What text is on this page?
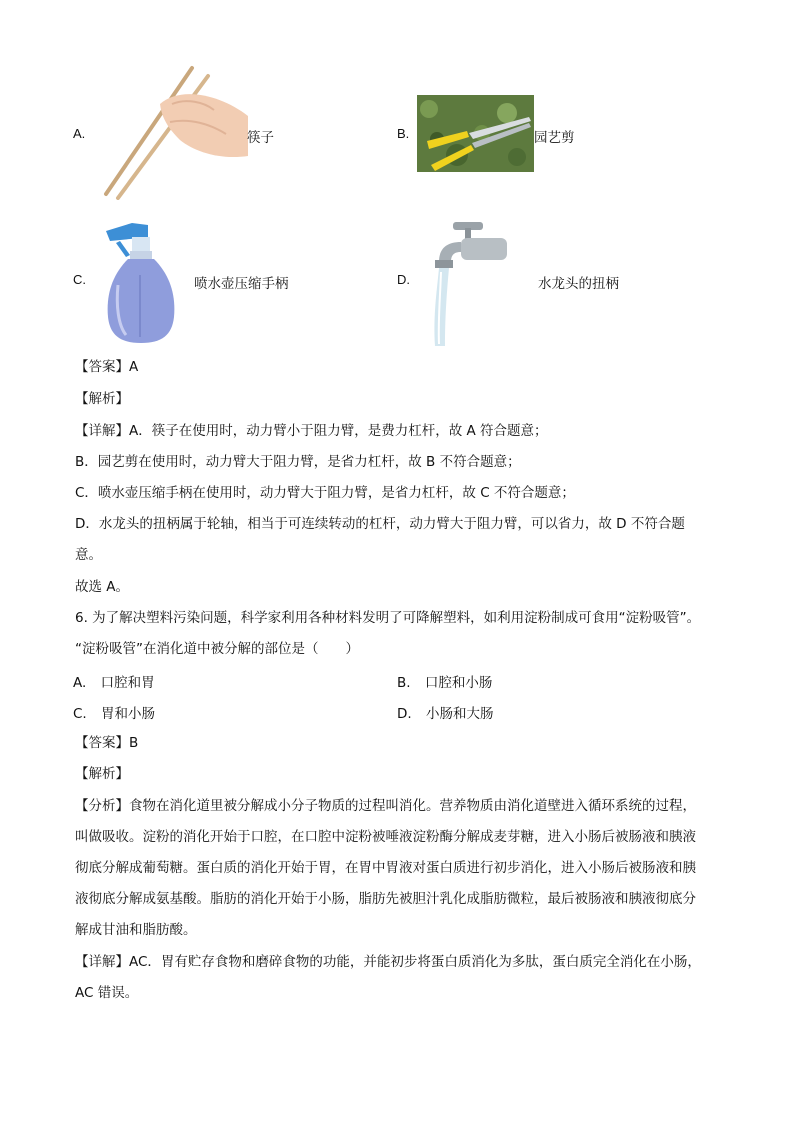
A.	筷子	B.	园艺剪
C.	喷水壶压缩手柄	D.	水龙头的扭柄
【答案】A
【解析】
【详解】A．筷子在使用时，动力臂小于阻力臂，是费力杠杆，故 A 符合题意；
B．园艺剪在使用时，动力臂大于阻力臂，是省力杠杆，故 B 不符合题意；
C．喷水壶压缩手柄在使用时，动力臂大于阻力臂，是省力杠杆，故 C 不符合题意；
D．水龙头的扭柄属于轮轴，相当于可连续转动的杠杆，动力臂大于阻力臂，可以省力，故 D 不符合题
意。
故选 A。
6. 为了解决塑料污染问题，科学家利用各种材料发明了可降解塑料，如利用淀粉制成可食用“淀粉吸管”。
“淀粉吸管”在消化道中被分解的部位是（　　）
A. 口腔和胃	B. 口腔和小肠
C. 胃和小肠	D. 小肠和大肠
【答案】B
【解析】
【分析】食物在消化道里被分解成小分子物质的过程叫消化。营养物质由消化道壁进入循环系统的过程，
叫做吸收。淀粉的消化开始于口腔，在口腔中淀粉被唾液淀粉酶分解成麦芽糖，进入小肠后被肠液和胰液
彻底分解成葡萄糖。蛋白质的消化开始于胃，在胃中胃液对蛋白质进行初步消化，进入小肠后被肠液和胰
液彻底分解成氨基酸。脂肪的消化开始于小肠，脂肪先被胆汁乳化成脂肪微粒，最后被肠液和胰液彻底分
解成甘油和脂肪酸。
【详解】AC．胃有贮存食物和磨碎食物的功能，并能初步将蛋白质消化为多肽，蛋白质完全消化在小肠，
AC 错误。
